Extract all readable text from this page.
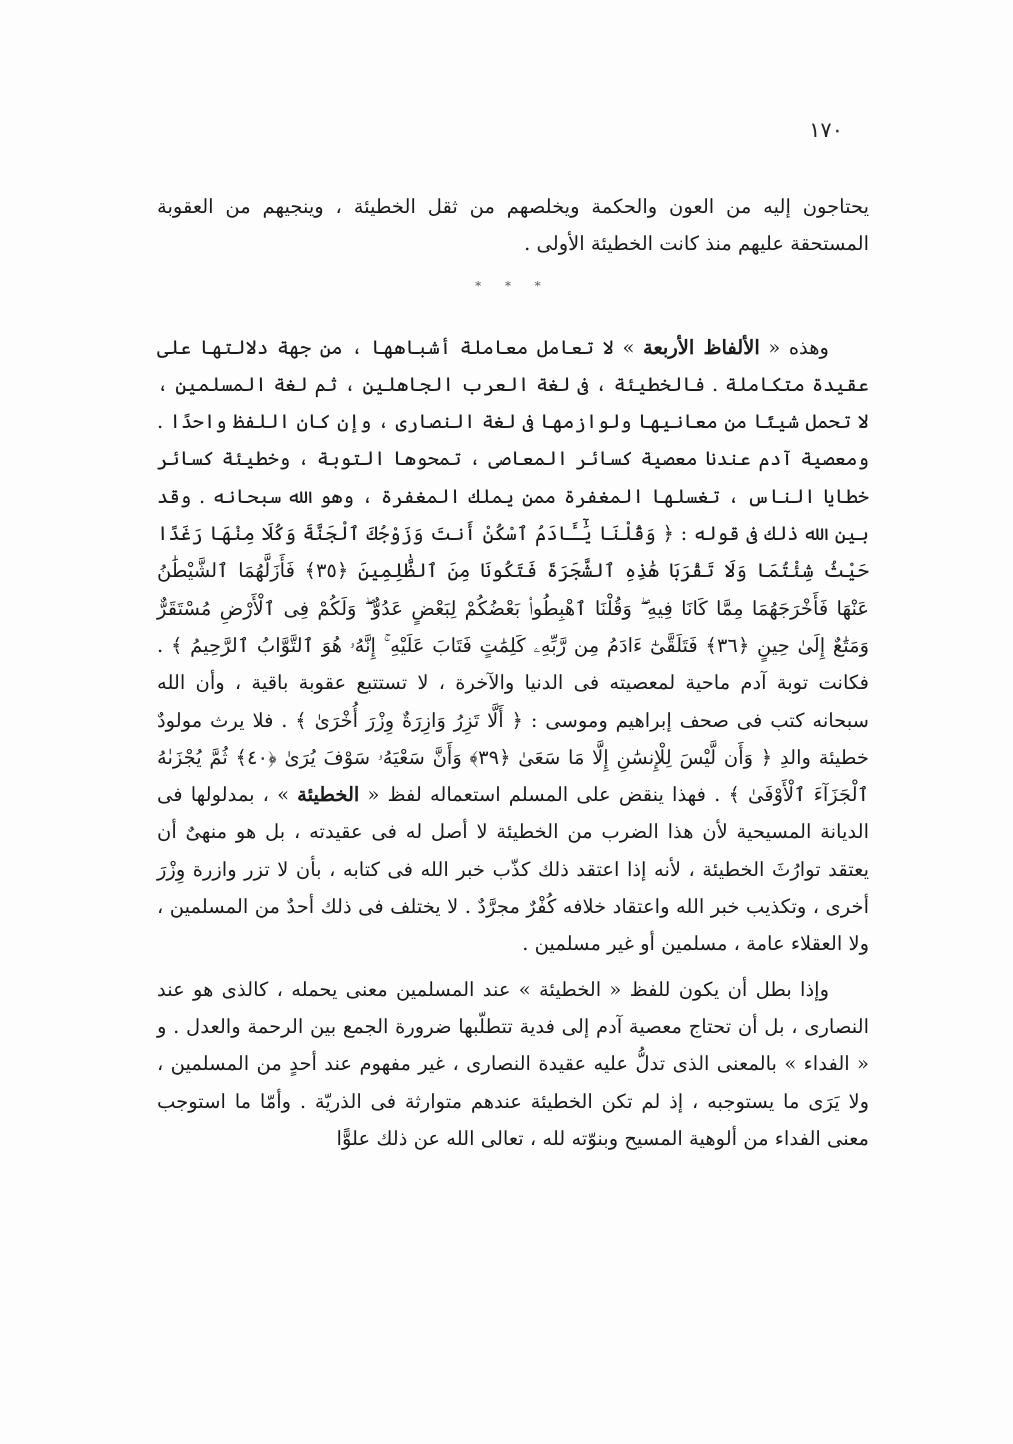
١٧٠

يحتاجون إليه من العون والحكمة ويخلصهم من ثقل الخطيئة ، وينجيهم من العقوبة المستحقة عليهم منذ كانت الخطيئة الأولى .

* * *

وهذه « الألفاظ الأربعة » لا تعامل معاملة أشباهها ، من جهة دلالتها على عقيدة متكاملة . فالخطيئة ، فى لغة العرب الجاهلين ، ثم لغة المسلمين ، لا تحمل شيئًا من معانيها ولوازمها فى لغة النصارى ، وإن كان اللفظ واحدًا . ومعصية آدم عندنا معصية كسائر المعاصى ، تمحوها التوبة ، وخطيئة كسائر خطايا الناس ، تغسلها المغفرة ممن يملك المغفرة ، وهو الله سبحانه . وقد بين الله ذلك فى قوله : ﴿ وَقُلْنَا يَٰٓـَٔادَمُ ٱسْكُنْ أَنتَ وَزَوْجُكَ ٱلْجَنَّةَ وَكُلَا مِنْهَا رَغَدًا حَيْثُ شِئْتُمَا وَلَا تَقْرَبَا هَٰذِهِ ٱلشَّجَرَةَ فَتَكُونَا مِنَ ٱلظَّٰلِمِينَ ﴿٣٥﴾ فَأَزَلَّهُمَا ٱلشَّيْطَٰنُ عَنْهَا فَأَخْرَجَهُمَا مِمَّا كَانَا فِيهِ ۖ وَقُلْنَا ٱهْبِطُوا۟ بَعْضُكُمْ لِبَعْضٍ عَدُوٌّ ۖ وَلَكُمْ فِى ٱلْأَرْضِ مُسْتَقَرٌّ وَمَتَٰعٌ إِلَىٰ حِينٍ ﴿٣٦﴾ فَتَلَقَّىٰٓ ءَادَمُ مِن رَّبِّهِۦ كَلِمَٰتٍ فَتَابَ عَلَيْهِ ۚ إِنَّهُۥ هُوَ ٱلتَّوَّابُ ٱلرَّحِيمُ ﴾ . فكانت توبة آدم ماحية لمعصيته فى الدنيا والآخرة ، لا تستتبع عقوبة باقية ، وأن الله سبحانه كتب فى صحف إبراهيم وموسى : ﴿ أَلَّا تَزِرُ وَازِرَةٌ وِزْرَ أُخْرَىٰ ﴾ . فلا يرث مولودٌ خطيئة والدِ ﴿ وَأَن لَّيْسَ لِلْإِنسَٰنِ إِلَّا مَا سَعَىٰ ﴿٣٩﴾ وَأَنَّ سَعْيَهُۥ سَوْفَ يُرَىٰ ﴿٤٠﴾ ثُمَّ يُجْزَىٰهُ ٱلْجَزَآءَ ٱلْأَوْفَىٰ ﴾ . فهذا ينقض على المسلم استعماله لفظ « الخطيئة » ، بمدلولها فى الديانة المسيحية لأن هذا الضرب من الخطيئة لا أصل له فى عقيدته ، بل هو منهىٌ أن يعتقد توارُثَ الخطيئة ، لأنه إذا اعتقد ذلك كذّب خبر الله فى كتابه ، بأن لا تزر وازرة وِزْرَ أخرى ، وتكذيب خبر الله واعتقاد خلافه كُفْرٌ مجرَّدٌ . لا يختلف فى ذلك أحدٌ من المسلمين ، ولا العقلاء عامة ، مسلمين أو غير مسلمين .

وإذا بطل أن يكون للفظ « الخطيئة » عند المسلمين معنى يحمله ، كالذى هو عند النصارى ، بل أن تحتاج معصية آدم إلى فدية تتطلّبها ضرورة الجمع بين الرحمة والعدل . و « الفداء » بالمعنى الذى تدلُّ عليه عقيدة النصارى ، غير مفهوم عند أحدٍ من المسلمين ، ولا يَرَى ما يستوجبه ، إذ لم تكن الخطيئة عندهم متوارثة فى الذريّة . وأمّا ما استوجب معنى الفداء من ألوهية المسيح وبنوّته لله ، تعالى الله عن ذلك علوًّا
